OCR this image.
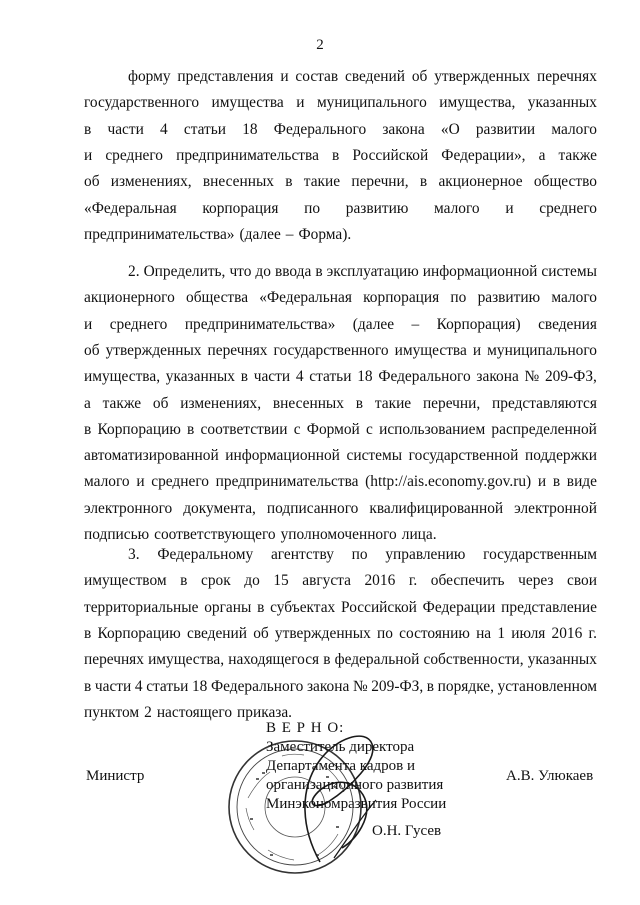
2
форму представления и состав сведений об утвержденных перечнях
государственного имущества и муниципального имущества, указанных
в части 4 статьи 18 Федерального закона «О развитии малого
и среднего предпринимательства в Российской Федерации», а также
об изменениях, внесенных в такие перечни, в акционерное общество
«Федеральная корпорация по развитию малого и среднего
предпринимательства» (далее – Форма).
2. Определить, что до ввода в эксплуатацию информационной системы
акционерного общества «Федеральная корпорация по развитию малого
и среднего предпринимательства» (далее – Корпорация) сведения
об утвержденных перечнях государственного имущества и муниципального
имущества, указанных в части 4 статьи 18 Федерального закона № 209-ФЗ,
а также об изменениях, внесенных в такие перечни, представляются
в Корпорацию в соответствии с Формой с использованием распределенной
автоматизированной информационной системы государственной поддержки
малого и среднего предпринимательства (http://ais.economy.gov.ru) и в виде
электронного документа, подписанного квалифицированной электронной
подписью соответствующего уполномоченного лица.
3. Федеральному агентству по управлению государственным
имуществом в срок до 15 августа 2016 г. обеспечить через свои
территориальные органы в субъектах Российской Федерации представление
в Корпорацию сведений об утвержденных по состоянию на 1 июля 2016 г.
перечнях имущества, находящегося в федеральной собственности, указанных
в части 4 статьи 18 Федерального закона № 209-ФЗ, в порядке, установленном
пунктом 2 настоящего приказа.
В Е Р Н О:
Заместитель директора
Департамента кадров и
организационного развития
Минэкономразвития России
О.Н. Гусев
Министр	А.В. Улюкаев
